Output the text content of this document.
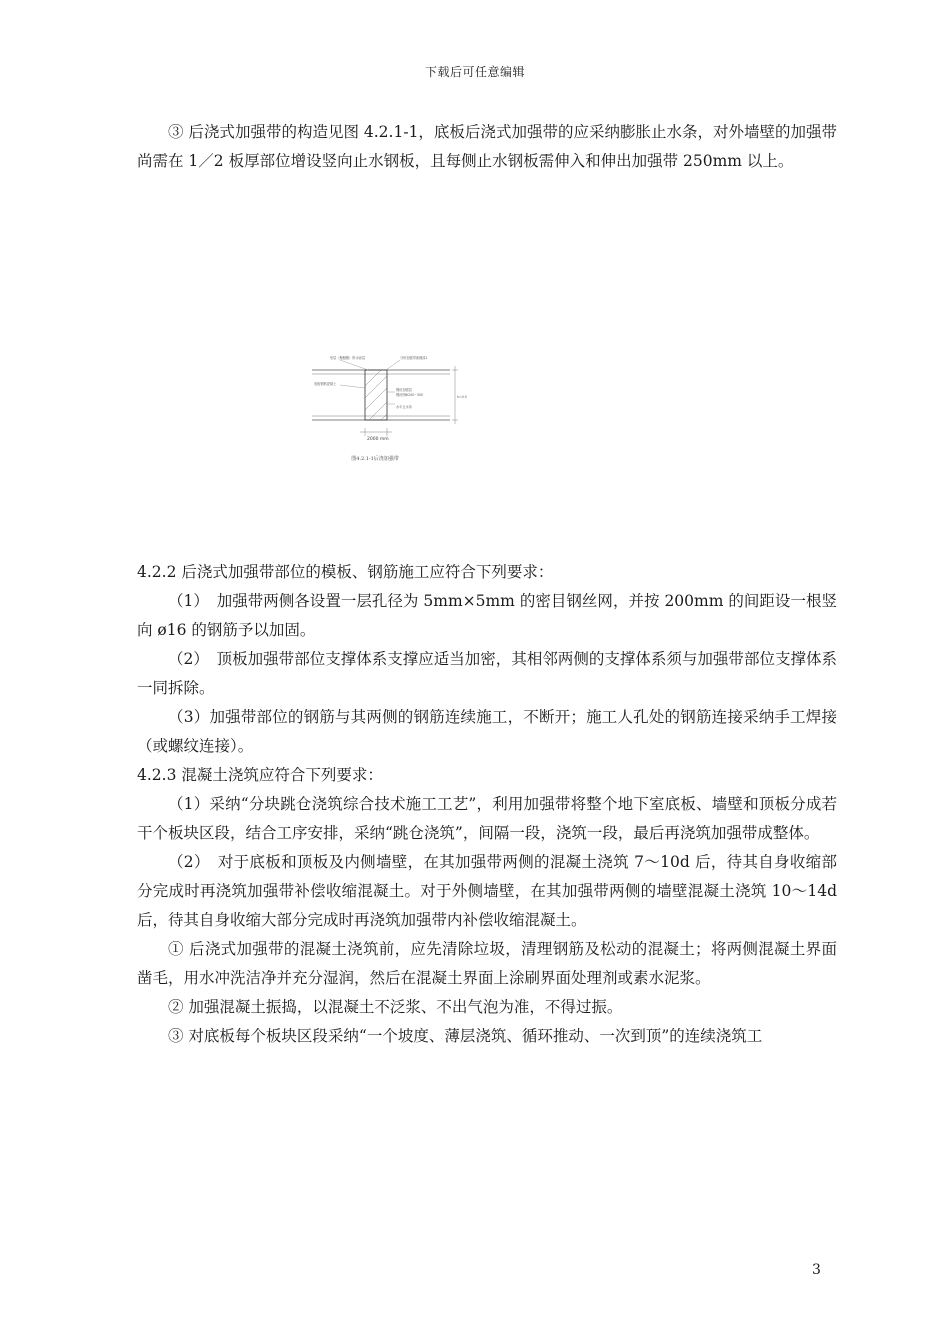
下载后可任意编辑

③ 后浇式加强带的构造见图 4.2.1-1，底板后浇式加强带的应采纳膨胀止水条，对外墙壁的加强带尚需在 1／2 板厚部位增设竖向止水钢板，且每侧止水钢板需伸入和伸出加强带 250mm 以上。

垫层（聚醚聚）防水涂层	分块加强带嵌缝漆1
底板钢筋混凝土
钢丝加强层
钢丝网Φ200~300
水平止水条
h=0.5
2000 mm
图4.2.1-1后浇加强带

4.2.2 后浇式加强带部位的模板、钢筋施工应符合下列要求：

（1）　加强带两侧各设置一层孔径为 5mm×5mm 的密目钢丝网，并按 200mm 的间距设一根竖向 ø16 的钢筋予以加固。

（2）　顶板加强带部位支撑体系支撑应适当加密，其相邻两侧的支撑体系须与加强带部位支撑体系一同拆除。

（3）加强带部位的钢筋与其两侧的钢筋连续施工，不断开；施工人孔处的钢筋连接采纳手工焊接（或螺纹连接）。

4.2.3 混凝土浇筑应符合下列要求：

（1）采纳“分块跳仓浇筑综合技术施工工艺”，利用加强带将整个地下室底板、墙壁和顶板分成若干个板块区段，结合工序安排，采纳“跳仓浇筑”，间隔一段，浇筑一段，最后再浇筑加强带成整体。

（2）　对于底板和顶板及内侧墙壁，在其加强带两侧的混凝土浇筑 7～10d 后，待其自身收缩部分完成时再浇筑加强带补偿收缩混凝土。对于外侧墙壁，在其加强带两侧的墙壁混凝土浇筑 10～14d 后，待其自身收缩大部分完成时再浇筑加强带内补偿收缩混凝土。

① 后浇式加强带的混凝土浇筑前，应先清除垃圾，清理钢筋及松动的混凝土；将两侧混凝土界面凿毛，用水冲洗洁净并充分湿润，然后在混凝土界面上涂刷界面处理剂或素水泥浆。

② 加强混凝土振捣，以混凝土不泛浆、不出气泡为准，不得过振。

③ 对底板每个板块区段采纳“一个坡度、薄层浇筑、循环推动、一次到顶”的连续浇筑工

3
